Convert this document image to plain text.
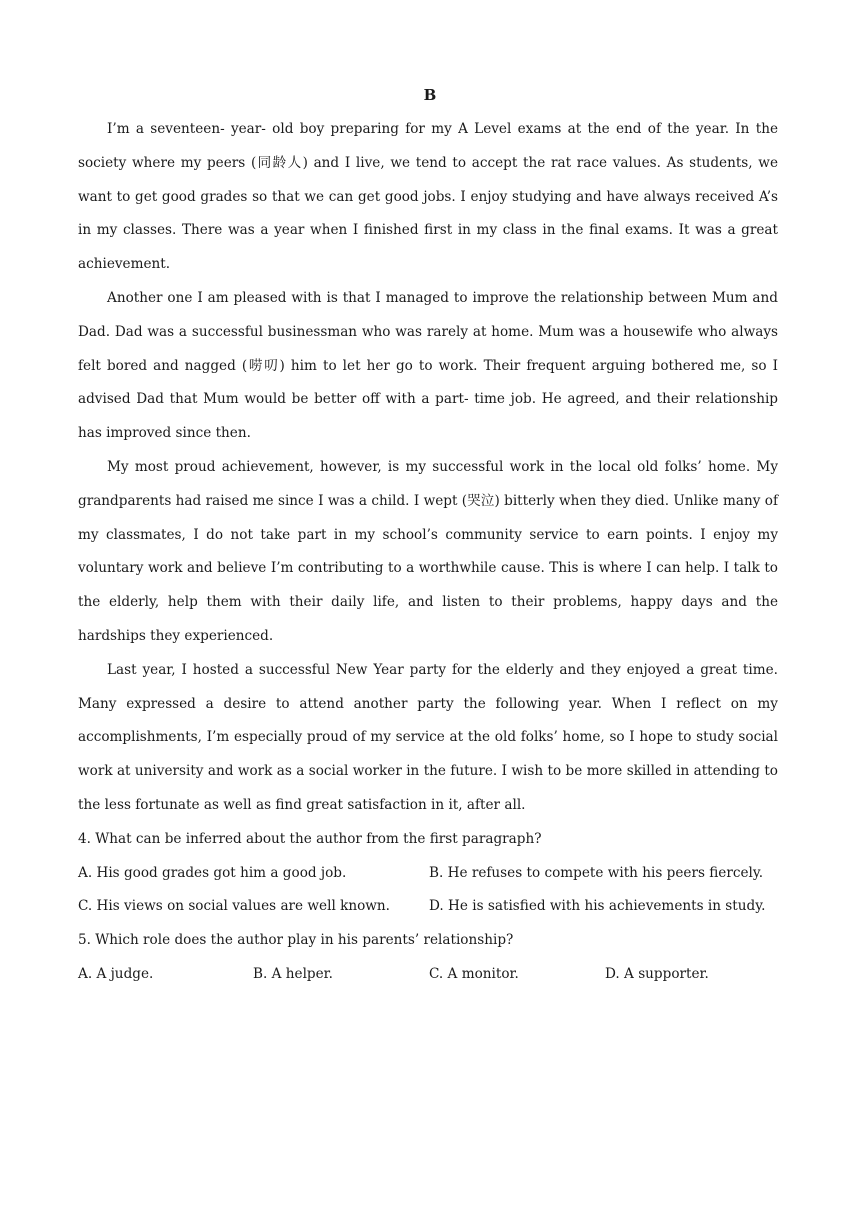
B

I’m a seventeen- year- old boy preparing for my A Level exams at the end of the year. In the society where my peers (同龄人) and I live, we tend to accept the rat race values. As students, we want to get good grades so that we can get good jobs. I enjoy studying and have always received A’s in my classes. There was a year when I finished first in my class in the final exams. It was a great achievement.

Another one I am pleased with is that I managed to improve the relationship between Mum and Dad. Dad was a successful businessman who was rarely at home. Mum was a housewife who always felt bored and nagged (唠叨) him to let her go to work. Their frequent arguing bothered me, so I advised Dad that Mum would be better off with a part- time job. He agreed, and their relationship has improved since then.

My most proud achievement, however, is my successful work in the local old folks’ home. My grandparents had raised me since I was a child. I wept (哭泣) bitterly when they died. Unlike many of my classmates, I do not take part in my school’s community service to earn points. I enjoy my voluntary work and believe I’m contributing to a worthwhile cause. This is where I can help. I talk to the elderly, help them with their daily life, and listen to their problems, happy days and the hardships they experienced.

Last year, I hosted a successful New Year party for the elderly and they enjoyed a great time. Many expressed a desire to attend another party the following year. When I reflect on my accomplishments, I’m especially proud of my service at the old folks’ home, so I hope to study social work at university and work as a social worker in the future. I wish to be more skilled in attending to the less fortunate as well as find great satisfaction in it, after all.

4. What can be inferred about the author from the first paragraph?

A. His good grades got him a good job.	B. He refuses to compete with his peers fiercely.
C. His views on social values are well known.	D. He is satisfied with his achievements in study.

5. Which role does the author play in his parents’ relationship?

A. A judge.	B. A helper.	C. A monitor.	D. A supporter.
